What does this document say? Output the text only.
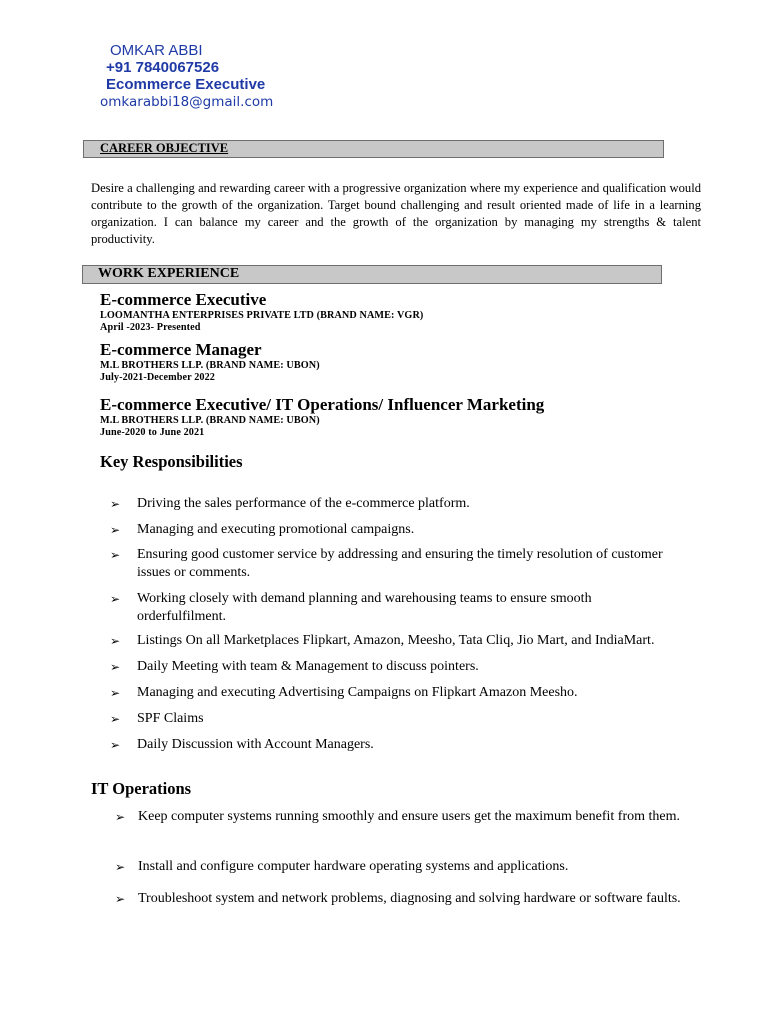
OMKAR ABBI
+91 7840067526
Ecommerce Executive
omkarabbi18@gmail.com
CAREER OBJECTIVE
Desire a challenging and rewarding career with a progressive organization where my experience and qualification would contribute to the growth of the organization. Target bound challenging and result oriented made of life in a learning organization. I can balance my career and the growth of the organization by managing my strengths & talent productivity.
WORK EXPERIENCE
E-commerce Executive
LOOMANTHA ENTERPRISES PRIVATE LTD (BRAND NAME: VGR)
April -2023- Presented
E-commerce Manager
M.L BROTHERS LLP. (BRAND NAME: UBON)
July-2021-December 2022
E-commerce Executive/ IT Operations/ Influencer Marketing
M.L BROTHERS LLP. (BRAND NAME: UBON)
June-2020 to June 2021
Key Responsibilities
➢	Driving the sales performance of the e-commerce platform.
➢	Managing and executing promotional campaigns.
➢	Ensuring good customer service by addressing and ensuring the timely resolution of customer issues or comments.
➢	Working closely with demand planning and warehousing teams to ensure smooth orderfulfilment.
➢	Listings On all Marketplaces Flipkart, Amazon, Meesho, Tata Cliq, Jio Mart, and IndiaMart.
➢	Daily Meeting with team & Management to discuss pointers.
➢	Managing and executing Advertising Campaigns on Flipkart Amazon Meesho.
➢	SPF Claims
➢	Daily Discussion with Account Managers.
IT Operations
➢ Keep computer systems running smoothly and ensure users get the maximum benefit from them.
➢ Install and configure computer hardware operating systems and applications.
➢ Troubleshoot system and network problems, diagnosing and solving hardware or software faults.
